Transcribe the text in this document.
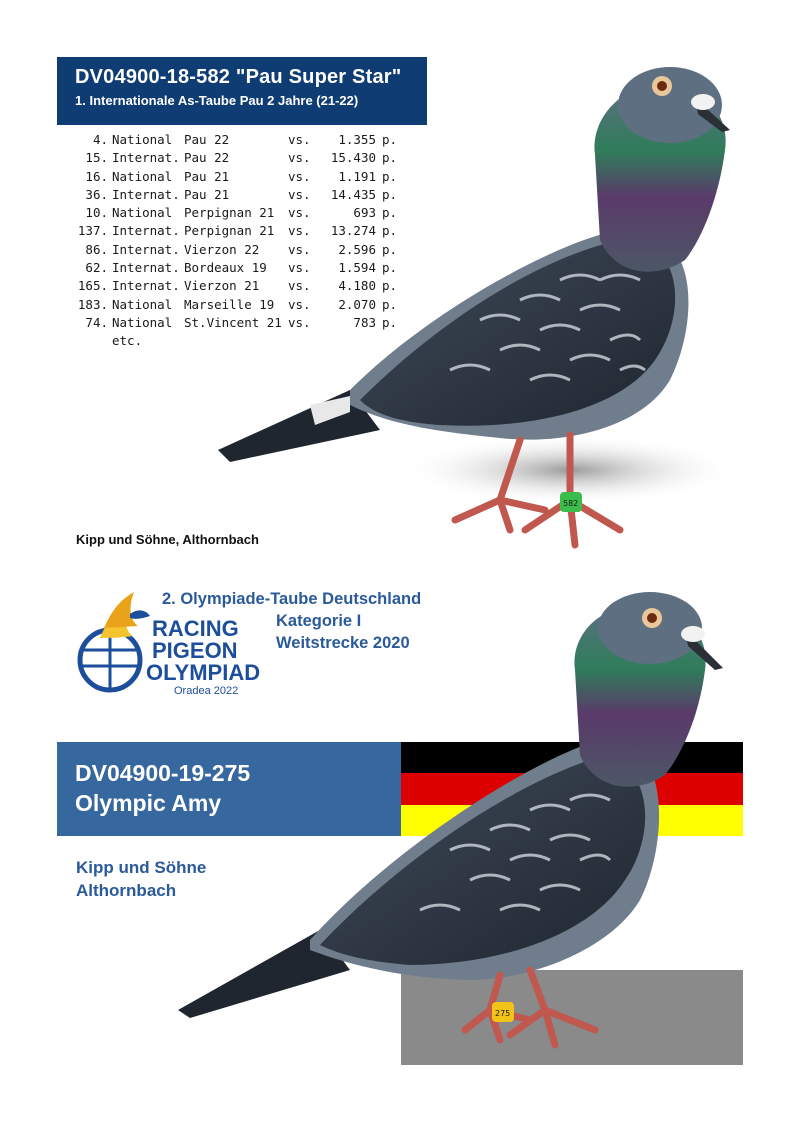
DV04900-18-582 "Pau Super Star"
1. Internationale As-Taube Pau 2 Jahre (21-22)
4. National Pau 22	vs.	1.355 p.
15. Internat. Pau 22	vs.	15.430 p.
16. National Pau 21	vs.	1.191 p.
36. Internat. Pau 21	vs.	14.435 p.
10. National Perpignan 21	vs.	693 p.
137. Internat. Perpignan 21	vs.	13.274 p.
86. Internat. Vierzon 22	vs.	2.596 p.
62. Internat. Bordeaux 19	vs.	1.594 p.
165. Internat. Vierzon 21	vs.	4.180 p.
183. National Marseille 19	vs.	2.070 p.
74. National St.Vincent 21 vs.	783 p.
etc.
582
Kipp und Söhne, Althornbach
RACING
PIGEON
OLYMPIAD
Oradea 2022
2. Olympiade-Taube Deutschland
Kategorie I
Weitstrecke 2020
DV04900-19-275
Olympic Amy
275
Kipp und Söhne
Althornbach
